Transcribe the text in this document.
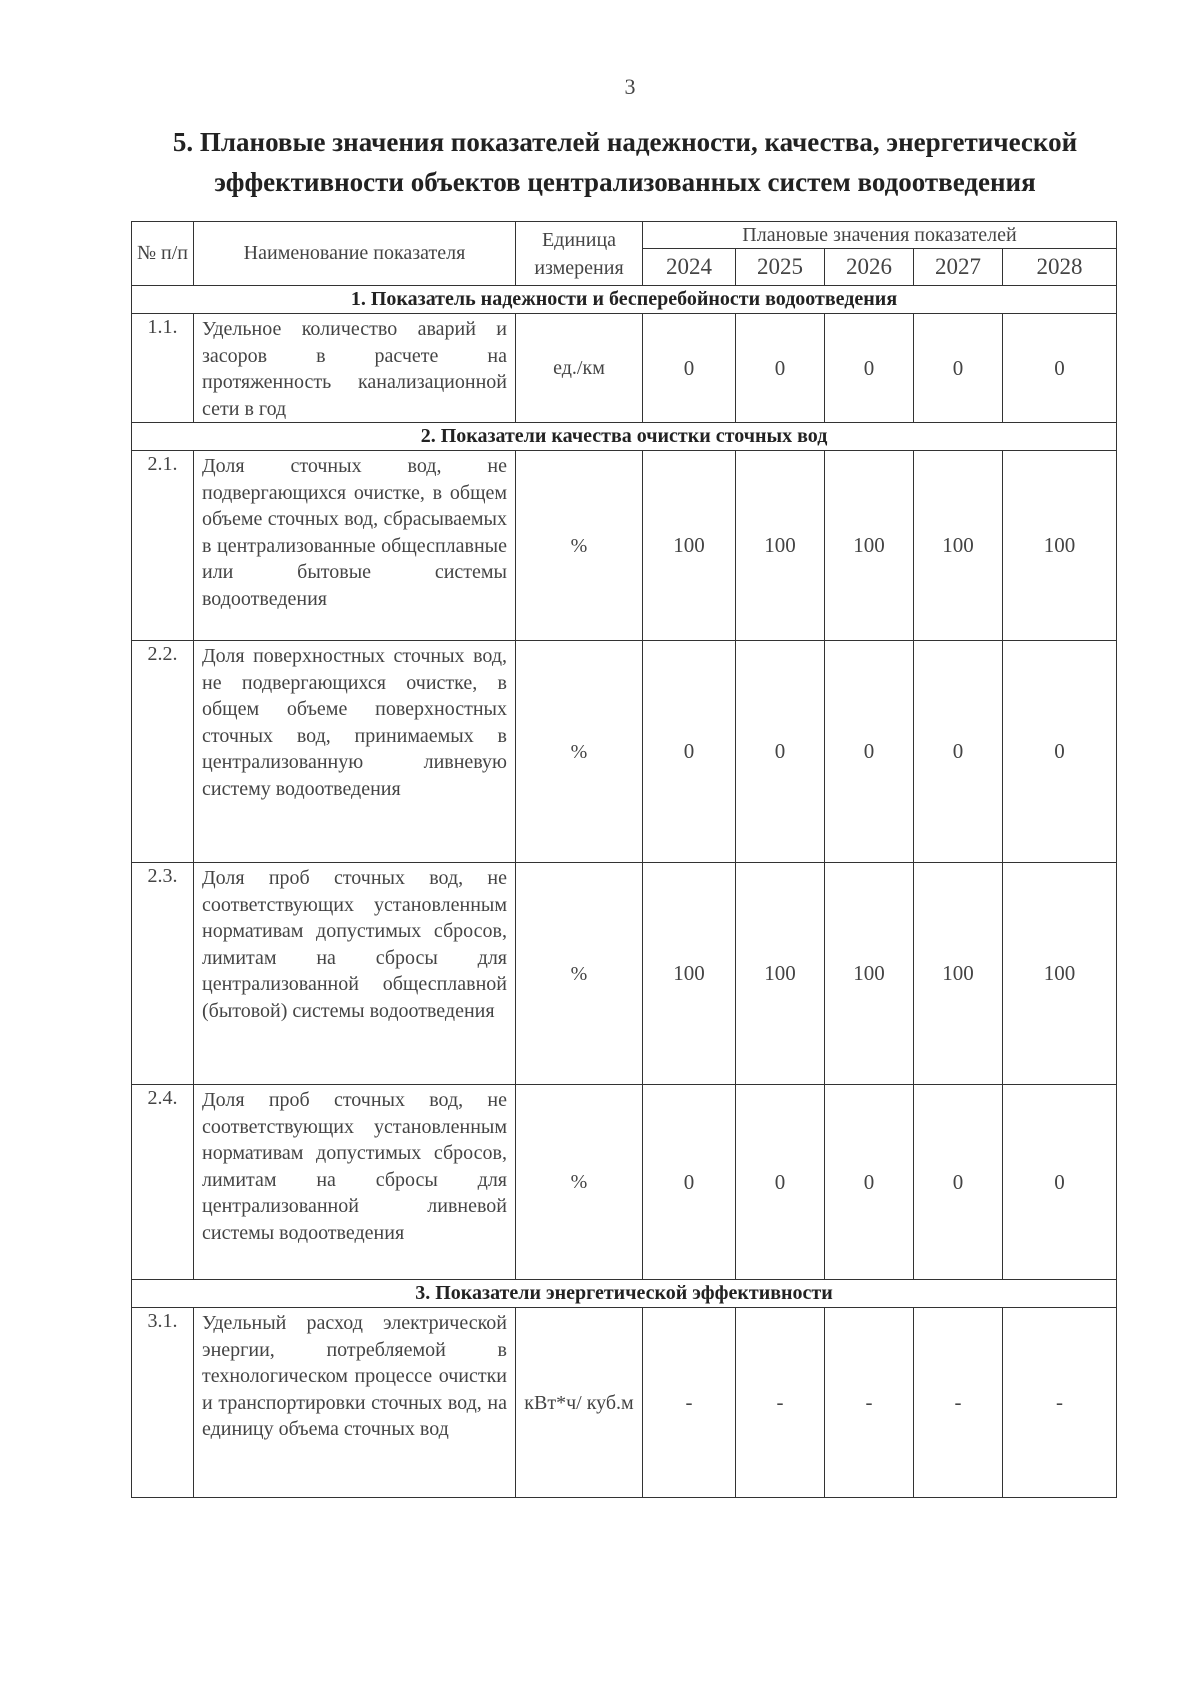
3
5. Плановые значения показателей надежности, качества, энергетической эффективности объектов централизованных систем водоотведения
№ п/п	Наименование показателя	Единица измерения	Плановые значения показателей				
			2024	2025	2026	2027	2028
1. Показатель надежности и бесперебойности водоотведения							
1.1.	Удельное количество аварий и засоров в расчете на протяженность канализационной сети в год	ед./км	0	0	0	0	0
2. Показатели качества очистки сточных вод							
2.1.	Доля сточных вод, не подвергающихся очистке, в общем объеме сточных вод, сбрасываемых в централизованные общесплавные или бытовые системы водоотведения	%	100	100	100	100	100
2.2.	Доля поверхностных сточных вод, не подвергающихся очистке, в общем объеме поверхностных сточных вод, принимаемых в централизованную ливневую систему водоотведения	%	0	0	0	0	0
2.3.	Доля проб сточных вод, не соответствующих установленным нормативам допустимых сбросов, лимитам на сбросы для централизованной общесплавной (бытовой) системы водоотведения	%	100	100	100	100	100
2.4.	Доля проб сточных вод, не соответствующих установленным нормативам допустимых сбросов, лимитам на сбросы для централизованной ливневой системы водоотведения	%	0	0	0	0	0
3. Показатели энергетической эффективности							
3.1.	Удельный расход электрической энергии, потребляемой в технологическом процессе очистки и транспортировки сточных вод, на единицу объема сточных вод	кВт*ч/ куб.м	-	-	-	-	-
